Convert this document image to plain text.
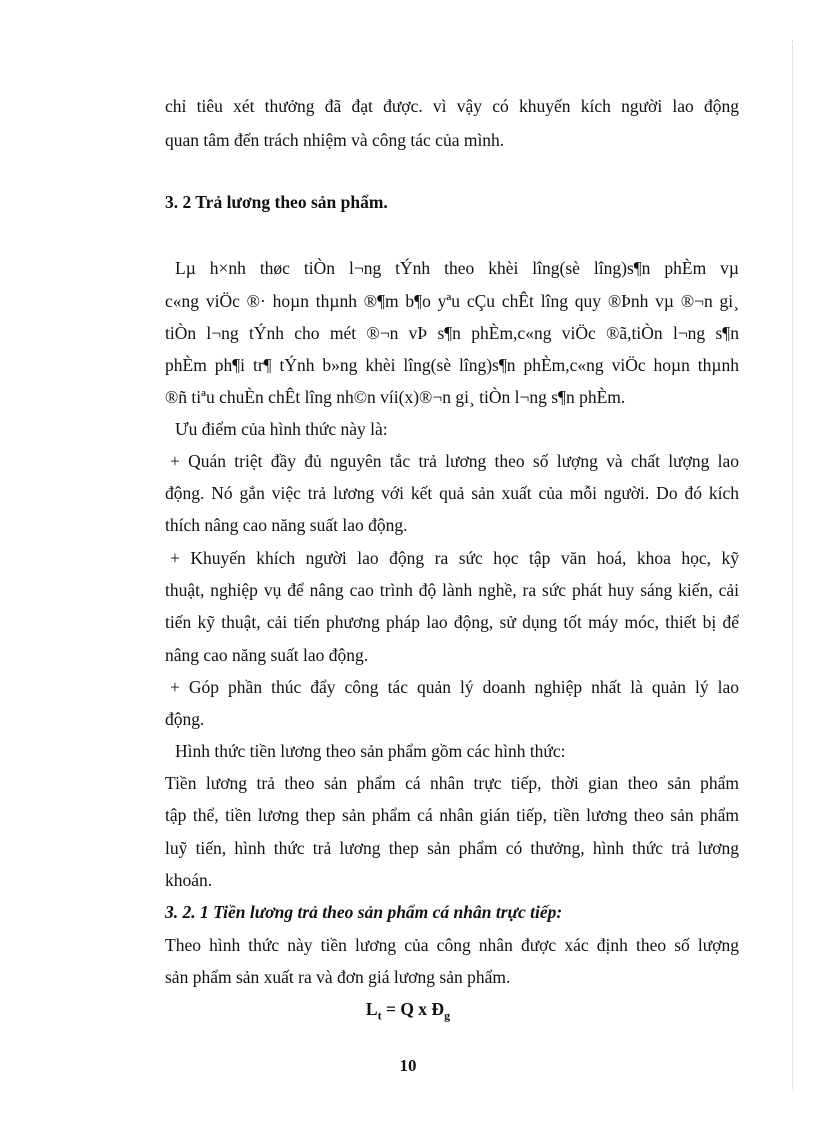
chỉ tiêu xét thưởng đã đạt được. vì vậy có khuyến kích người lao động
quan tâm đến trách nhiệm và công tác của mình.
3. 2 Trả lương theo sản phẩm.
Lµ h×nh thøc tiÒn l¬ng tÝnh theo khèi lîng(sè lîng)s¶n phÈm vµ
c«ng viÖc ®· hoµn thµnh ®¶m b¶o yªu cÇu chÊt lîng quy ®Þnh vµ ®¬n gi¸
tiÒn l¬ng tÝnh cho mét ®¬n vÞ s¶n phÈm,c«ng viÖc ®ã,tiÒn l¬ng s¶n
phÈm ph¶i tr¶ tÝnh b»ng khèi lîng(sè lîng)s¶n phÈm,c«ng viÖc hoµn thµnh
®ñ tiªu chuÈn chÊt lîng nh©n víi(x)®¬n gi¸ tiÒn l¬ng s¶n phÈm.
Ưu điểm của hình thức này là:
+ Quán triệt đầy đủ nguyên tắc trả lương theo số lượng và chất lượng lao
động. Nó gắn việc trả lương với kết quả sản xuất của mỗi người. Do đó kích
thích nâng cao năng suất lao động.
+ Khuyến khích người lao động ra sức học tập văn hoá, khoa học, kỹ
thuật, nghiệp vụ để nâng cao trình độ lành nghề, ra sức phát huy sáng kiến, cải
tiến kỹ thuật, cải tiến phương pháp lao động, sử dụng tốt máy móc, thiết bị để
nâng cao năng suất lao động.
+ Góp phần thúc đẩy công tác quản lý doanh nghiệp nhất là quản lý lao
động.
Hình thức tiền lương theo sản phẩm gồm các hình thức:
Tiền lương trả theo sản phẩm cá nhân trực tiếp, thời gian theo sản phẩm
tập thể, tiền lương thep sản phẩm cá nhân gián tiếp, tiền lương theo sản phẩm
luỹ tiến, hình thức trả lương thep sản phẩm có thưởng, hình thức trả lương
khoán.
3. 2. 1 Tiền lương trả theo sản phẩm cá nhân trực tiếp:
Theo hình thức này tiền lương của công nhân được xác định theo số lượng
sản phẩm sản xuất ra và đơn giá lương sản phẩm.
$L_t = Q$ x $Đ_g$
10
